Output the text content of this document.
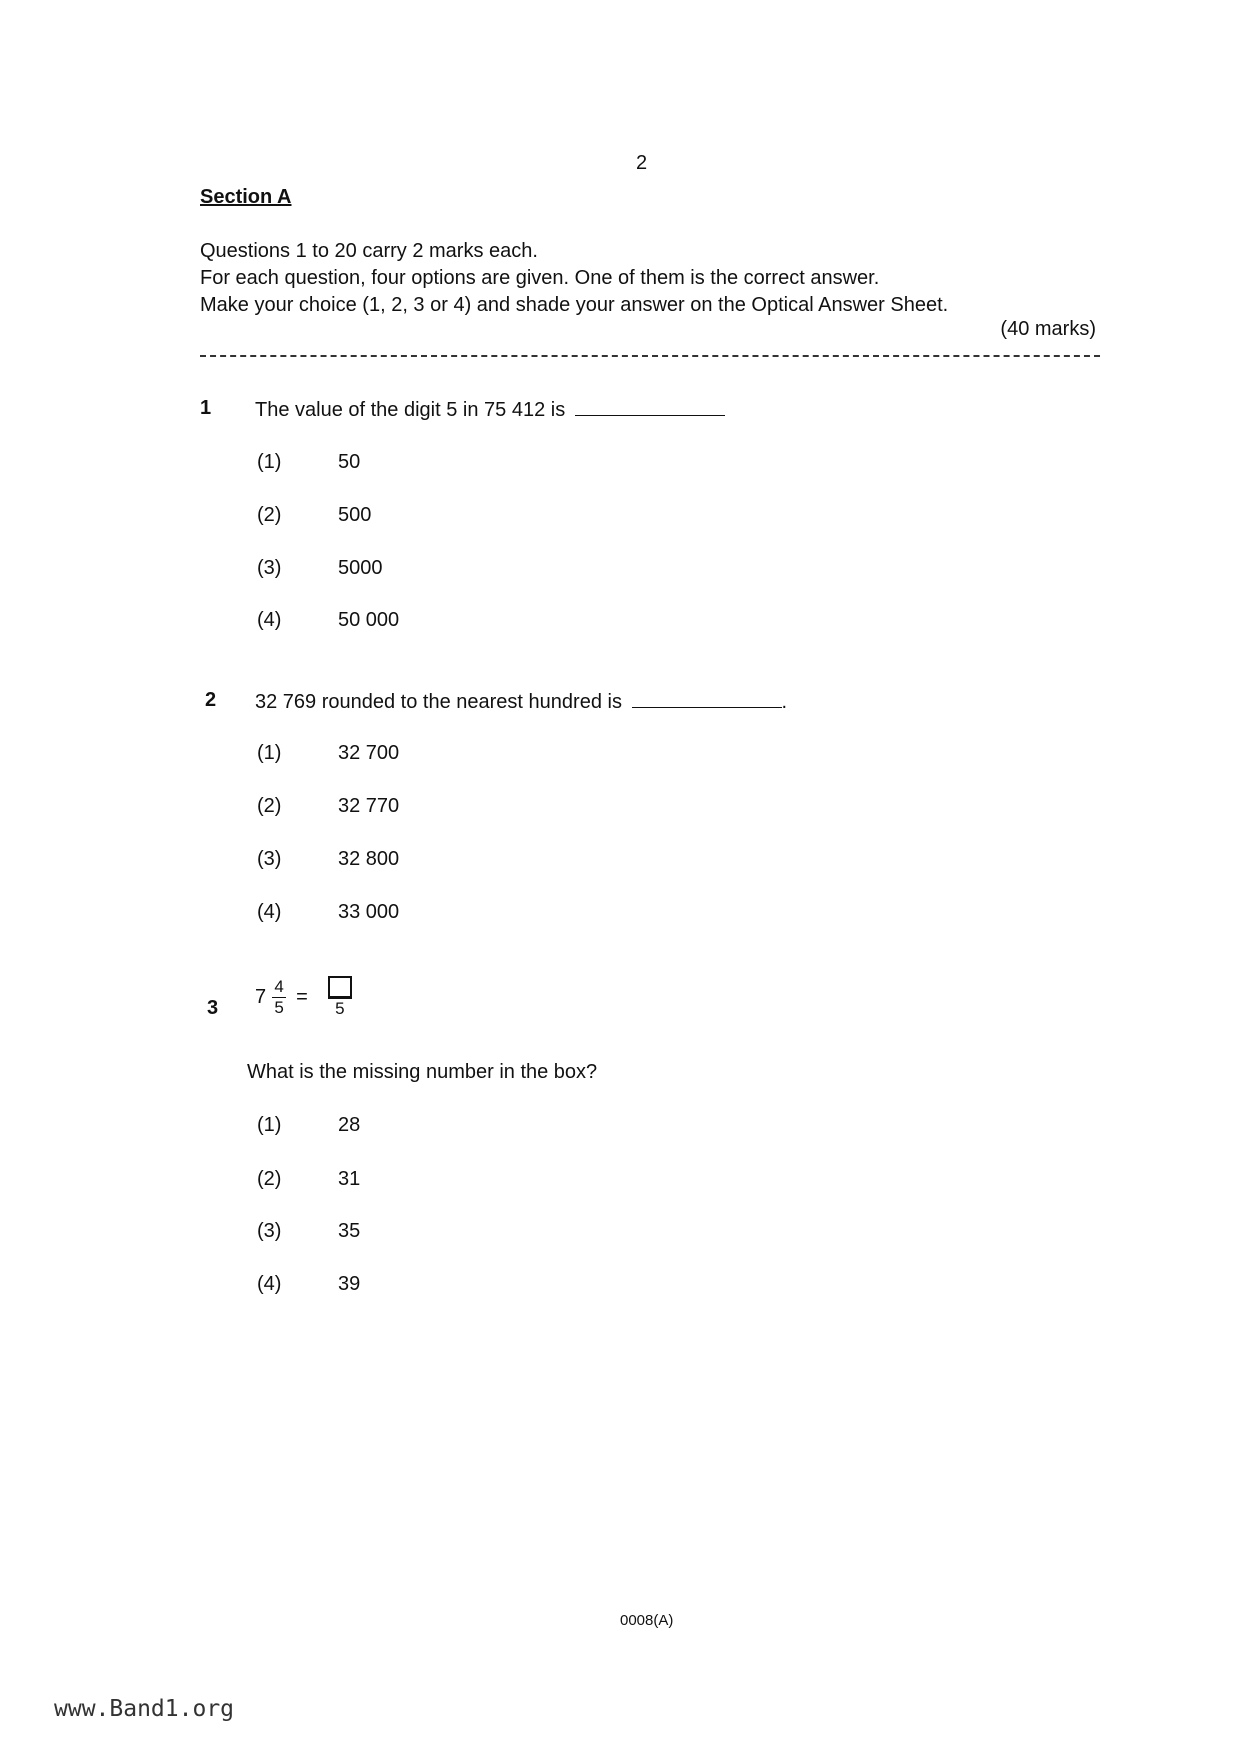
2
Section A
Questions 1 to 20 carry 2 marks each.
For each question, four options are given. One of them is the correct answer.
Make your choice (1, 2, 3 or 4) and shade your answer on the Optical Answer Sheet.
(40 marks)
1 The value of the digit 5 in 75 412 is
(1)	50
(2)	500
(3)	5000
(4)	50 000
2 32 769 rounded to the nearest hundred is	.
(1)	32 700
(2)	32 770
(3)	32 800
(4)	33 000
3 $7 \frac{4}{5}$ =
5
What is the missing number in the box?
(1)	28
(2)	31
(3)	35
(4)	39
0008(A)
www.Band1.org
